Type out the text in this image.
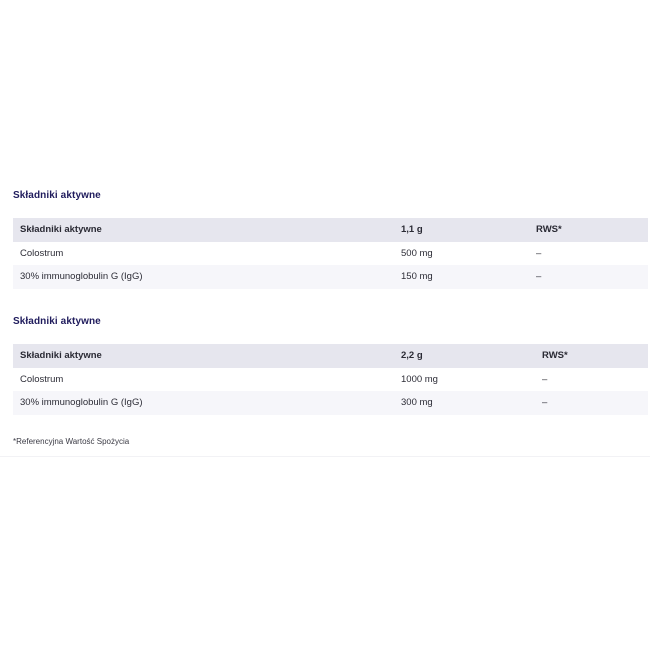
Składniki aktywne
Składniki aktywne	1,1 g	RWS*
Colostrum	500 mg	–
30% immunoglobulin G (IgG)	150 mg	–
Składniki aktywne
Składniki aktywne	2,2 g	RWS*
Colostrum	1000 mg	–
30% immunoglobulin G (IgG)	300 mg	–
*Referencyjna Wartość Spożycia
